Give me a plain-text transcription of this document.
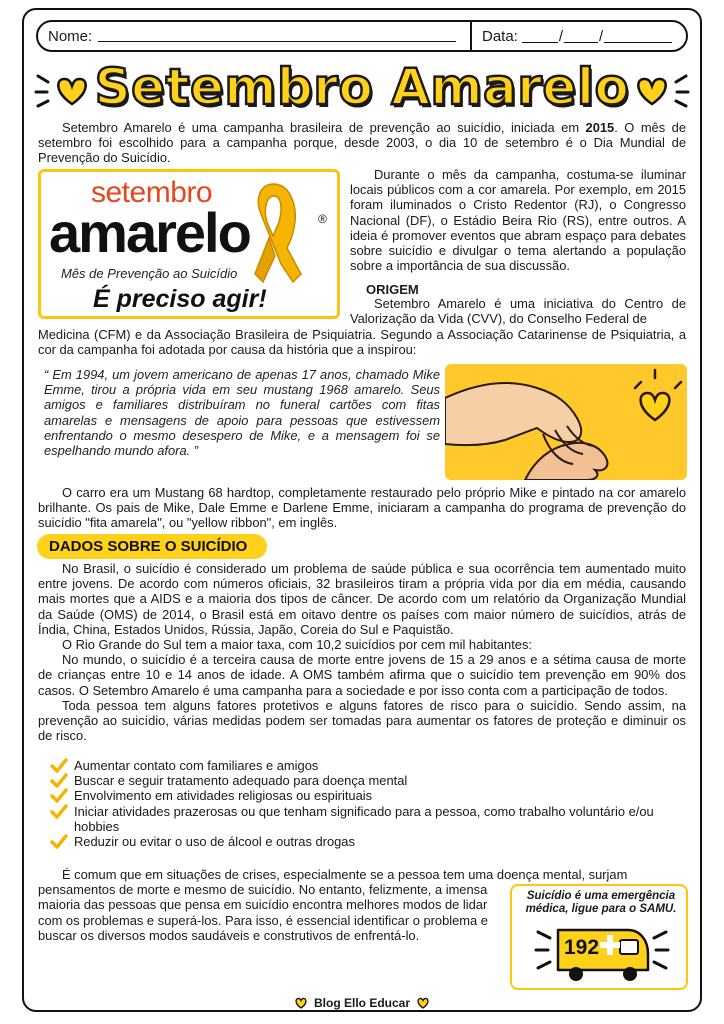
Nome:	Data:	/ /
Setembro Amarelo

Setembro Amarelo é uma campanha brasileira de prevenção ao suicídio, iniciada em 2015. O mês de setembro foi escolhido para a campanha porque, desde 2003, o dia 10 de setembro é o Dia Mundial de Prevenção do Suicídio.

setembro
amarelo	®
Mês de Prevenção ao Suicídio
É preciso agir!

Durante o mês da campanha, costuma-se iluminar locais públicos com a cor amarela. Por exemplo, em 2015 foram iluminados o Cristo Redentor (RJ), o Congresso Nacional (DF), o Estádio Beira Rio (RS), entre outros. A ideia é promover eventos que abram espaço para debates sobre suicídio e divulgar o tema alertando a população sobre a importância de sua discussão.

ORIGEM

Setembro Amarelo é uma iniciativa do Centro de Valorização da Vida (CVV), do Conselho Federal de

Medicina (CFM) e da Associação Brasileira de Psiquiatria. Segundo a Associação Catarinense de Psiquiatria, a cor da campanha foi adotada por causa da história que a inspirou:

“ Em 1994, um jovem americano de apenas 17 anos, chamado Mike Emme, tirou a própria vida em seu mustang 1968 amarelo. Seus amigos e familiares distribuíram no funeral cartões com fitas amarelas e mensagens de apoio para pessoas que estivessem enfrentando o mesmo desespero de Mike, e a mensagem foi se espelhando mundo afora. ”

O carro era um Mustang 68 hardtop, completamente restaurado pelo próprio Mike e pintado na cor amarelo brilhante. Os pais de Mike, Dale Emme e Darlene Emme, iniciaram a campanha do programa de prevenção do suicídio "fita amarela", ou "yellow ribbon", em inglês.

DADOS SOBRE O SUICÍDIO

No Brasil, o suicídio é considerado um problema de saúde pública e sua ocorrência tem aumentado muito entre jovens. De acordo com números oficiais, 32 brasileiros tiram a própria vida por dia em média, causando mais mortes que a AIDS e a maioria dos tipos de câncer. De acordo com um relatório da Organização Mundial da Saúde (OMS) de 2014, o Brasil está em oitavo dentre os países com maior número de suicídios, atrás de Índia, China, Estados Unidos, Rússia, Japão, Coreia do Sul e Paquistão.

O Rio Grande do Sul tem a maior taxa, com 10,2 suicídios por cem mil habitantes:

No mundo, o suicídio é a terceira causa de morte entre jovens de 15 a 29 anos e a sétima causa de morte de crianças entre 10 e 14 anos de idade. A OMS também afirma que o suicídio tem prevenção em 90% dos casos. O Setembro Amarelo é uma campanha para a sociedade e por isso conta com a participação de todos.

Toda pessoa tem alguns fatores protetivos e alguns fatores de risco para o suicídio. Sendo assim, na prevenção ao suicídio, várias medidas podem ser tomadas para aumentar os fatores de proteção e diminuir os de risco.

Aumentar contato com familiares e amigos
Buscar e seguir tratamento adequado para doença mental
Envolvimento em atividades religiosas ou espirituais
Iniciar atividades prazerosas ou que tenham significado para a pessoa, como trabalho voluntário e/ou hobbies
Reduzir ou evitar o uso de álcool e outras drogas

É comum que em situações de crises, especialmente se a pessoa tem uma doença mental, surjam

pensamentos de morte e mesmo de suicídio. No entanto, felizmente, a imensa

maioria das pessoas que pensa em suicídio encontra melhores modos de lidar

com os problemas e superá-los. Para isso, é essencial identificar o problema e

buscar os diversos modos saudáveis e construtivos de enfrentá-lo.

Suicídio é uma emergência médica, ligue para o SAMU.
192
Blog Ello Educar
